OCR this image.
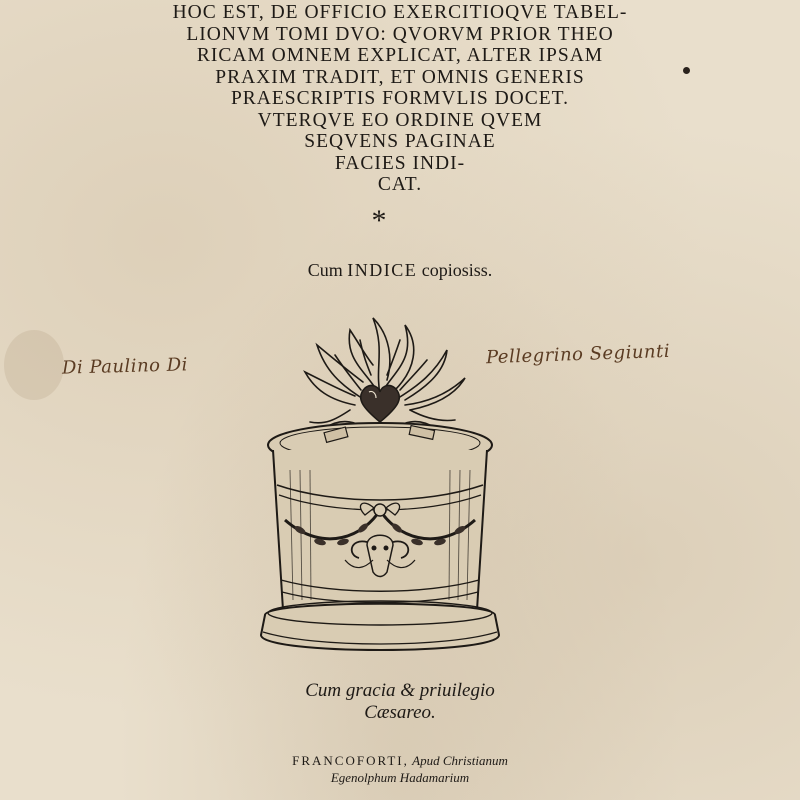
HOC EST, DE OFFICIO EXERCITIOQVE TABEL-
LIONVM TOMI DVO: QVORVM PRIOR THEO
RICAM OMNEM EXPLICAT, ALTER IPSAM
PRAXIM TRADIT, ET OMNIS GENERIS
PRAESCRIPTIS FORMVLIS DOCET.
VTERQVE EO ORDINE QVEM
SEQVENS PAGINAE
FACIES INDI-
CAT.
*
Cum INDICE copiosiss.
Di Paulino Di	Pellegrino Segiunti
Cum gracia & priuilegio
Cæsareo.
FRANCOFORTI, Apud Christianum
Egenolphum Hadamarium
